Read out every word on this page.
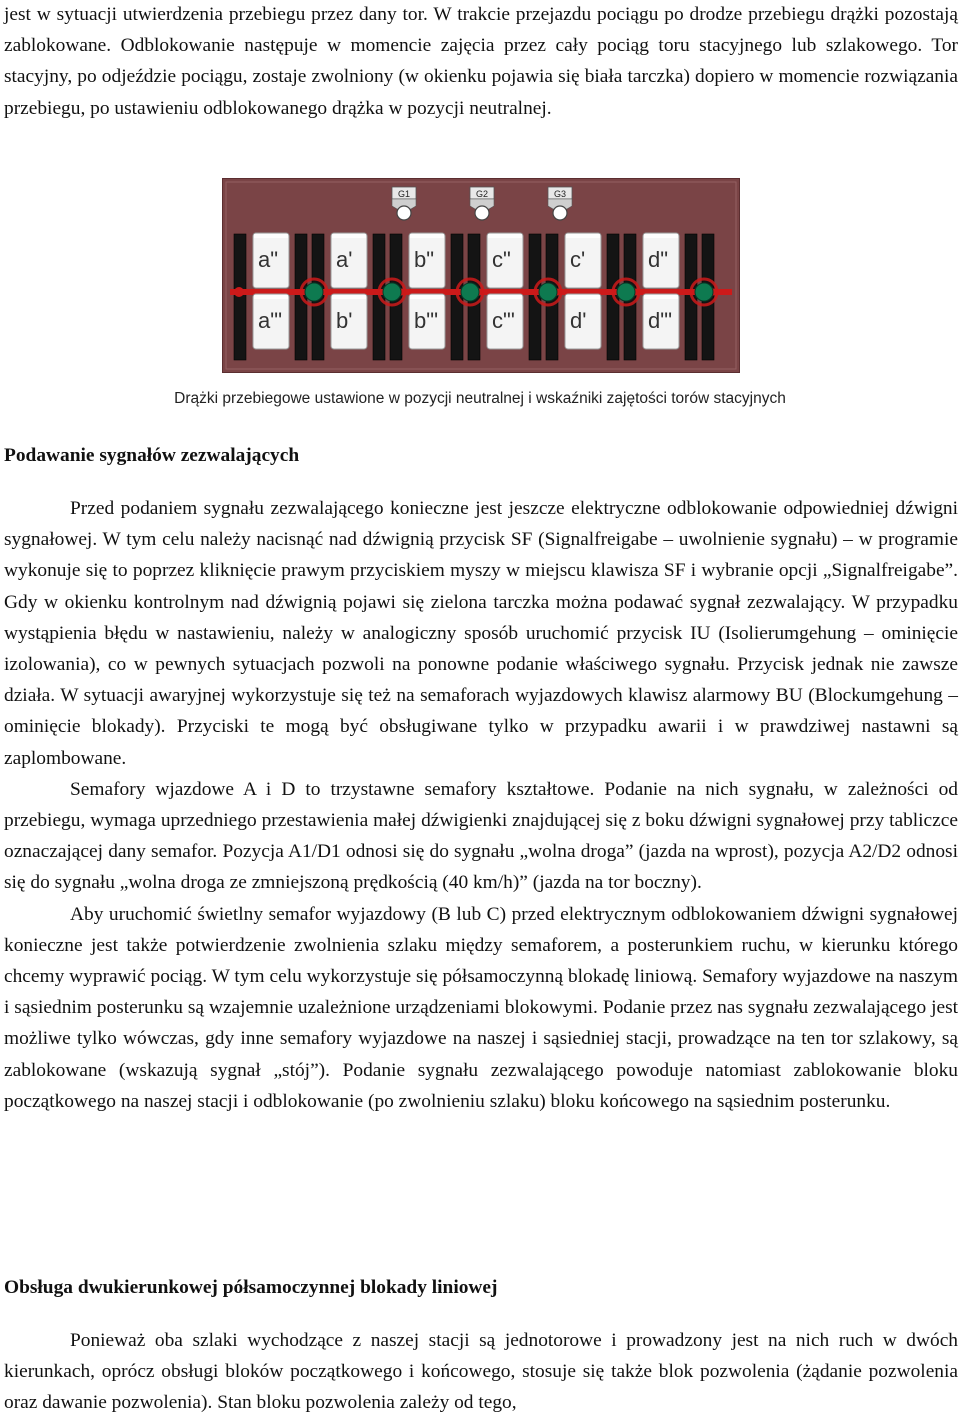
jest w sytuacji utwierdzenia przebiegu przez dany tor. W trakcie przejazdu pociągu po drodze przebiegu drążki pozostają zablokowane. Odblokowanie następuje w momencie zajęcia przez cały pociąg toru stacyjnego lub szlakowego. Tor stacyjny, po odjeździe pociągu, zostaje zwolniony (w okienku pojawia się biała tarczka) dopiero w momencie rozwiązania przebiegu, po ustawieniu odblokowanego drążka w pozycji neutralnej.

G1	G2	G3
a"	a'	b"	c"	c'	d"
a"' b'	b"' c"' d'	d"'
Drążki przebiegowe ustawione w pozycji neutralnej i wskaźniki zajętości torów stacyjnych
Podawanie sygnałów zezwalających

Przed podaniem sygnału zezwalającego konieczne jest jeszcze elektryczne odblokowanie odpowiedniej dźwigni sygnałowej. W tym celu należy nacisnąć nad dźwignią przycisk SF (Signalfreigabe – uwolnienie sygnału) – w programie wykonuje się to poprzez kliknięcie prawym przyciskiem myszy w miejscu klawisza SF i wybranie opcji „Signalfreigabe”. Gdy w okienku kontrolnym nad dźwignią pojawi się zielona tarczka można podawać sygnał zezwalający. W przypadku wystąpienia błędu w nastawieniu, należy w analogiczny sposób uruchomić przycisk IU (Isolierumgehung – ominięcie izolowania), co w pewnych sytuacjach pozwoli na ponowne podanie właściwego sygnału. Przycisk jednak nie zawsze działa. W sytuacji awaryjnej wykorzystuje się też na semaforach wyjazdowych klawisz alarmowy BU (Blockumgehung – ominięcie blokady). Przyciski te mogą być obsługiwane tylko w przypadku awarii i w prawdziwej nastawni są zaplombowane.

Semafory wjazdowe A i D to trzystawne semafory kształtowe. Podanie na nich sygnału, w zależności od przebiegu, wymaga uprzedniego przestawienia małej dźwigienki znajdującej się z boku dźwigni sygnałowej przy tabliczce oznaczającej dany semafor. Pozycja A1/D1 odnosi się do sygnału „wolna droga” (jazda na wprost), pozycja A2/D2 odnosi się do sygnału „wolna droga ze zmniejszoną prędkością (40 km/h)” (jazda na tor boczny).

Aby uruchomić świetlny semafor wyjazdowy (B lub C) przed elektrycznym odblokowaniem dźwigni sygnałowej konieczne jest także potwierdzenie zwolnienia szlaku między semaforem, a posterunkiem ruchu, w kierunku którego chcemy wyprawić pociąg. W tym celu wykorzystuje się półsamoczynną blokadę liniową. Semafory wyjazdowe na naszym i sąsiednim posterunku są wzajemnie uzależnione urządzeniami blokowymi. Podanie przez nas sygnału zezwalającego jest możliwe tylko wówczas, gdy inne semafory wyjazdowe na naszej i sąsiedniej stacji, prowadzące na ten tor szlakowy, są zablokowane (wskazują sygnał „stój”). Podanie sygnału zezwalającego powoduje natomiast zablokowanie bloku początkowego na naszej stacji i odblokowanie (po zwolnieniu szlaku) bloku końcowego na sąsiednim posterunku.

Obsługa dwukierunkowej półsamoczynnej blokady liniowej

Ponieważ oba szlaki wychodzące z naszej stacji są jednotorowe i prowadzony jest na nich ruch w dwóch kierunkach, oprócz obsługi bloków początkowego i końcowego, stosuje się także blok pozwolenia (żądanie pozwolenia oraz dawanie pozwolenia). Stan bloku pozwolenia zależy od tego,
